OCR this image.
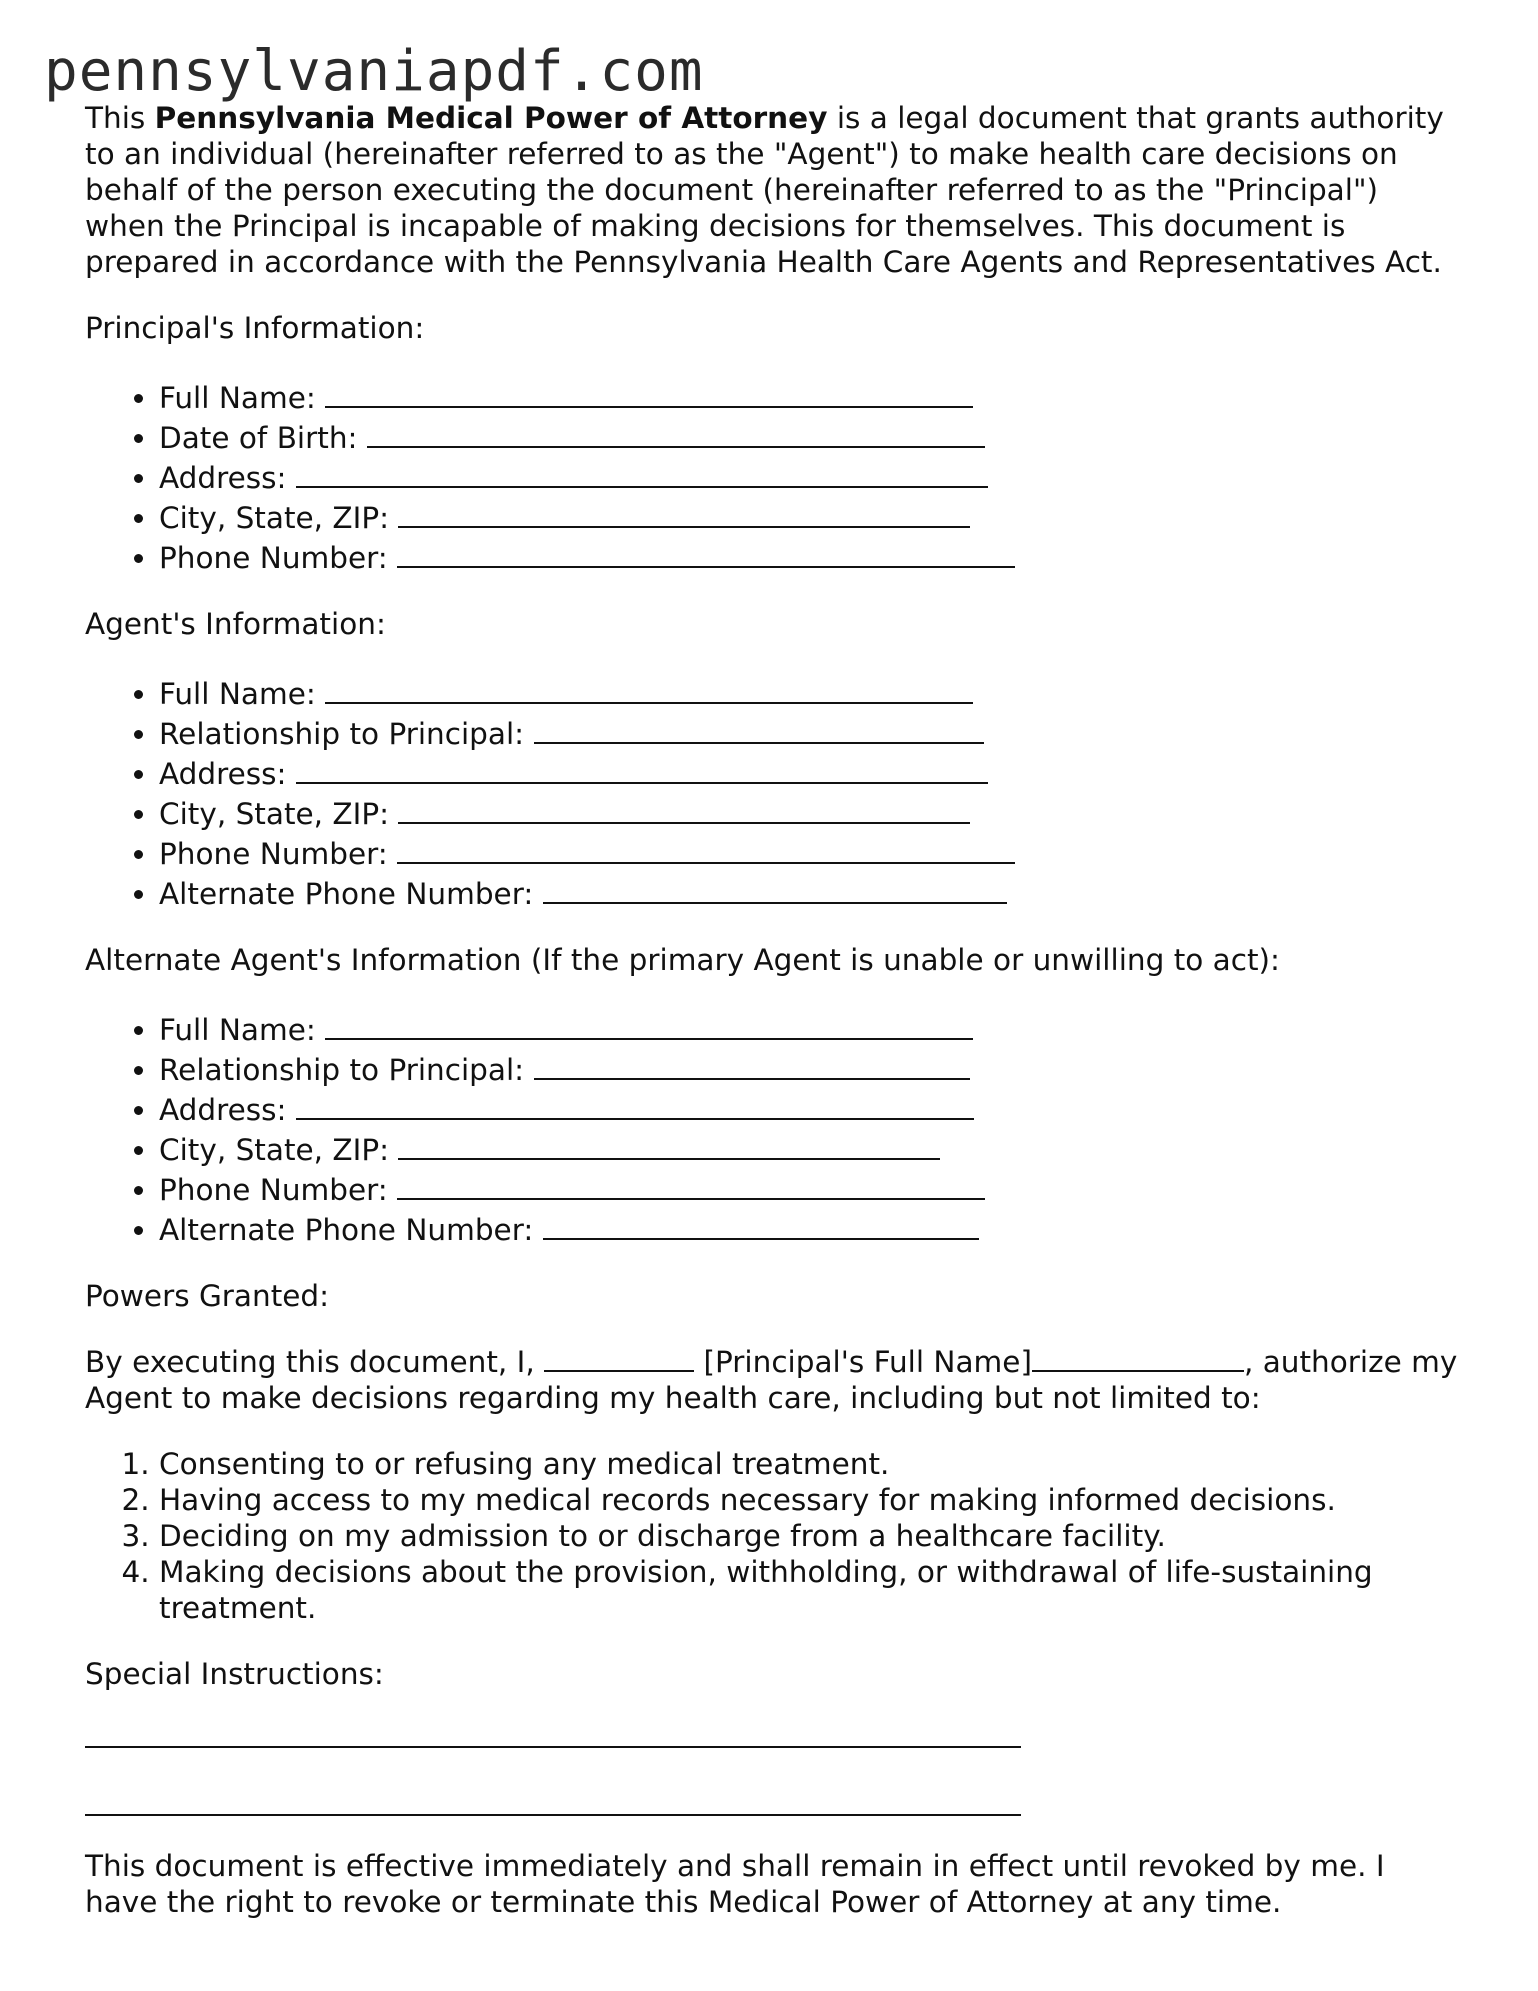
pennsylvaniapdf.com

This Pennsylvania Medical Power of Attorney is a legal document that grants authority to an individual (hereinafter referred to as the "Agent") to make health care decisions on behalf of the person executing the document (hereinafter referred to as the "Principal") when the Principal is incapable of making decisions for themselves. This document is prepared in accordance with the Pennsylvania Health Care Agents and Representatives Act.

Principal's Information:

• Full Name:
• Date of Birth:
• Address:
• City, State, ZIP:
• Phone Number:

Agent's Information:

• Full Name:
• Relationship to Principal:
• Address:
• City, State, ZIP:
• Phone Number:
• Alternate Phone Number:

Alternate Agent's Information (If the primary Agent is unable or unwilling to act):

• Full Name:
• Relationship to Principal:
• Address:
• City, State, ZIP:
• Phone Number:
• Alternate Phone Number:

Powers Granted:

By executing this document, I,	[Principal's Full Name]	, authorize my Agent to make decisions regarding my health care, including but not limited to:

1. Consenting to or refusing any medical treatment.
2. Having access to my medical records necessary for making informed decisions.
3. Deciding on my admission to or discharge from a healthcare facility.
4. Making decisions about the provision, withholding, or withdrawal of life-sustaining treatment.

Special Instructions:

This document is effective immediately and shall remain in effect until revoked by me. I have the right to revoke or terminate this Medical Power of Attorney at any time.
